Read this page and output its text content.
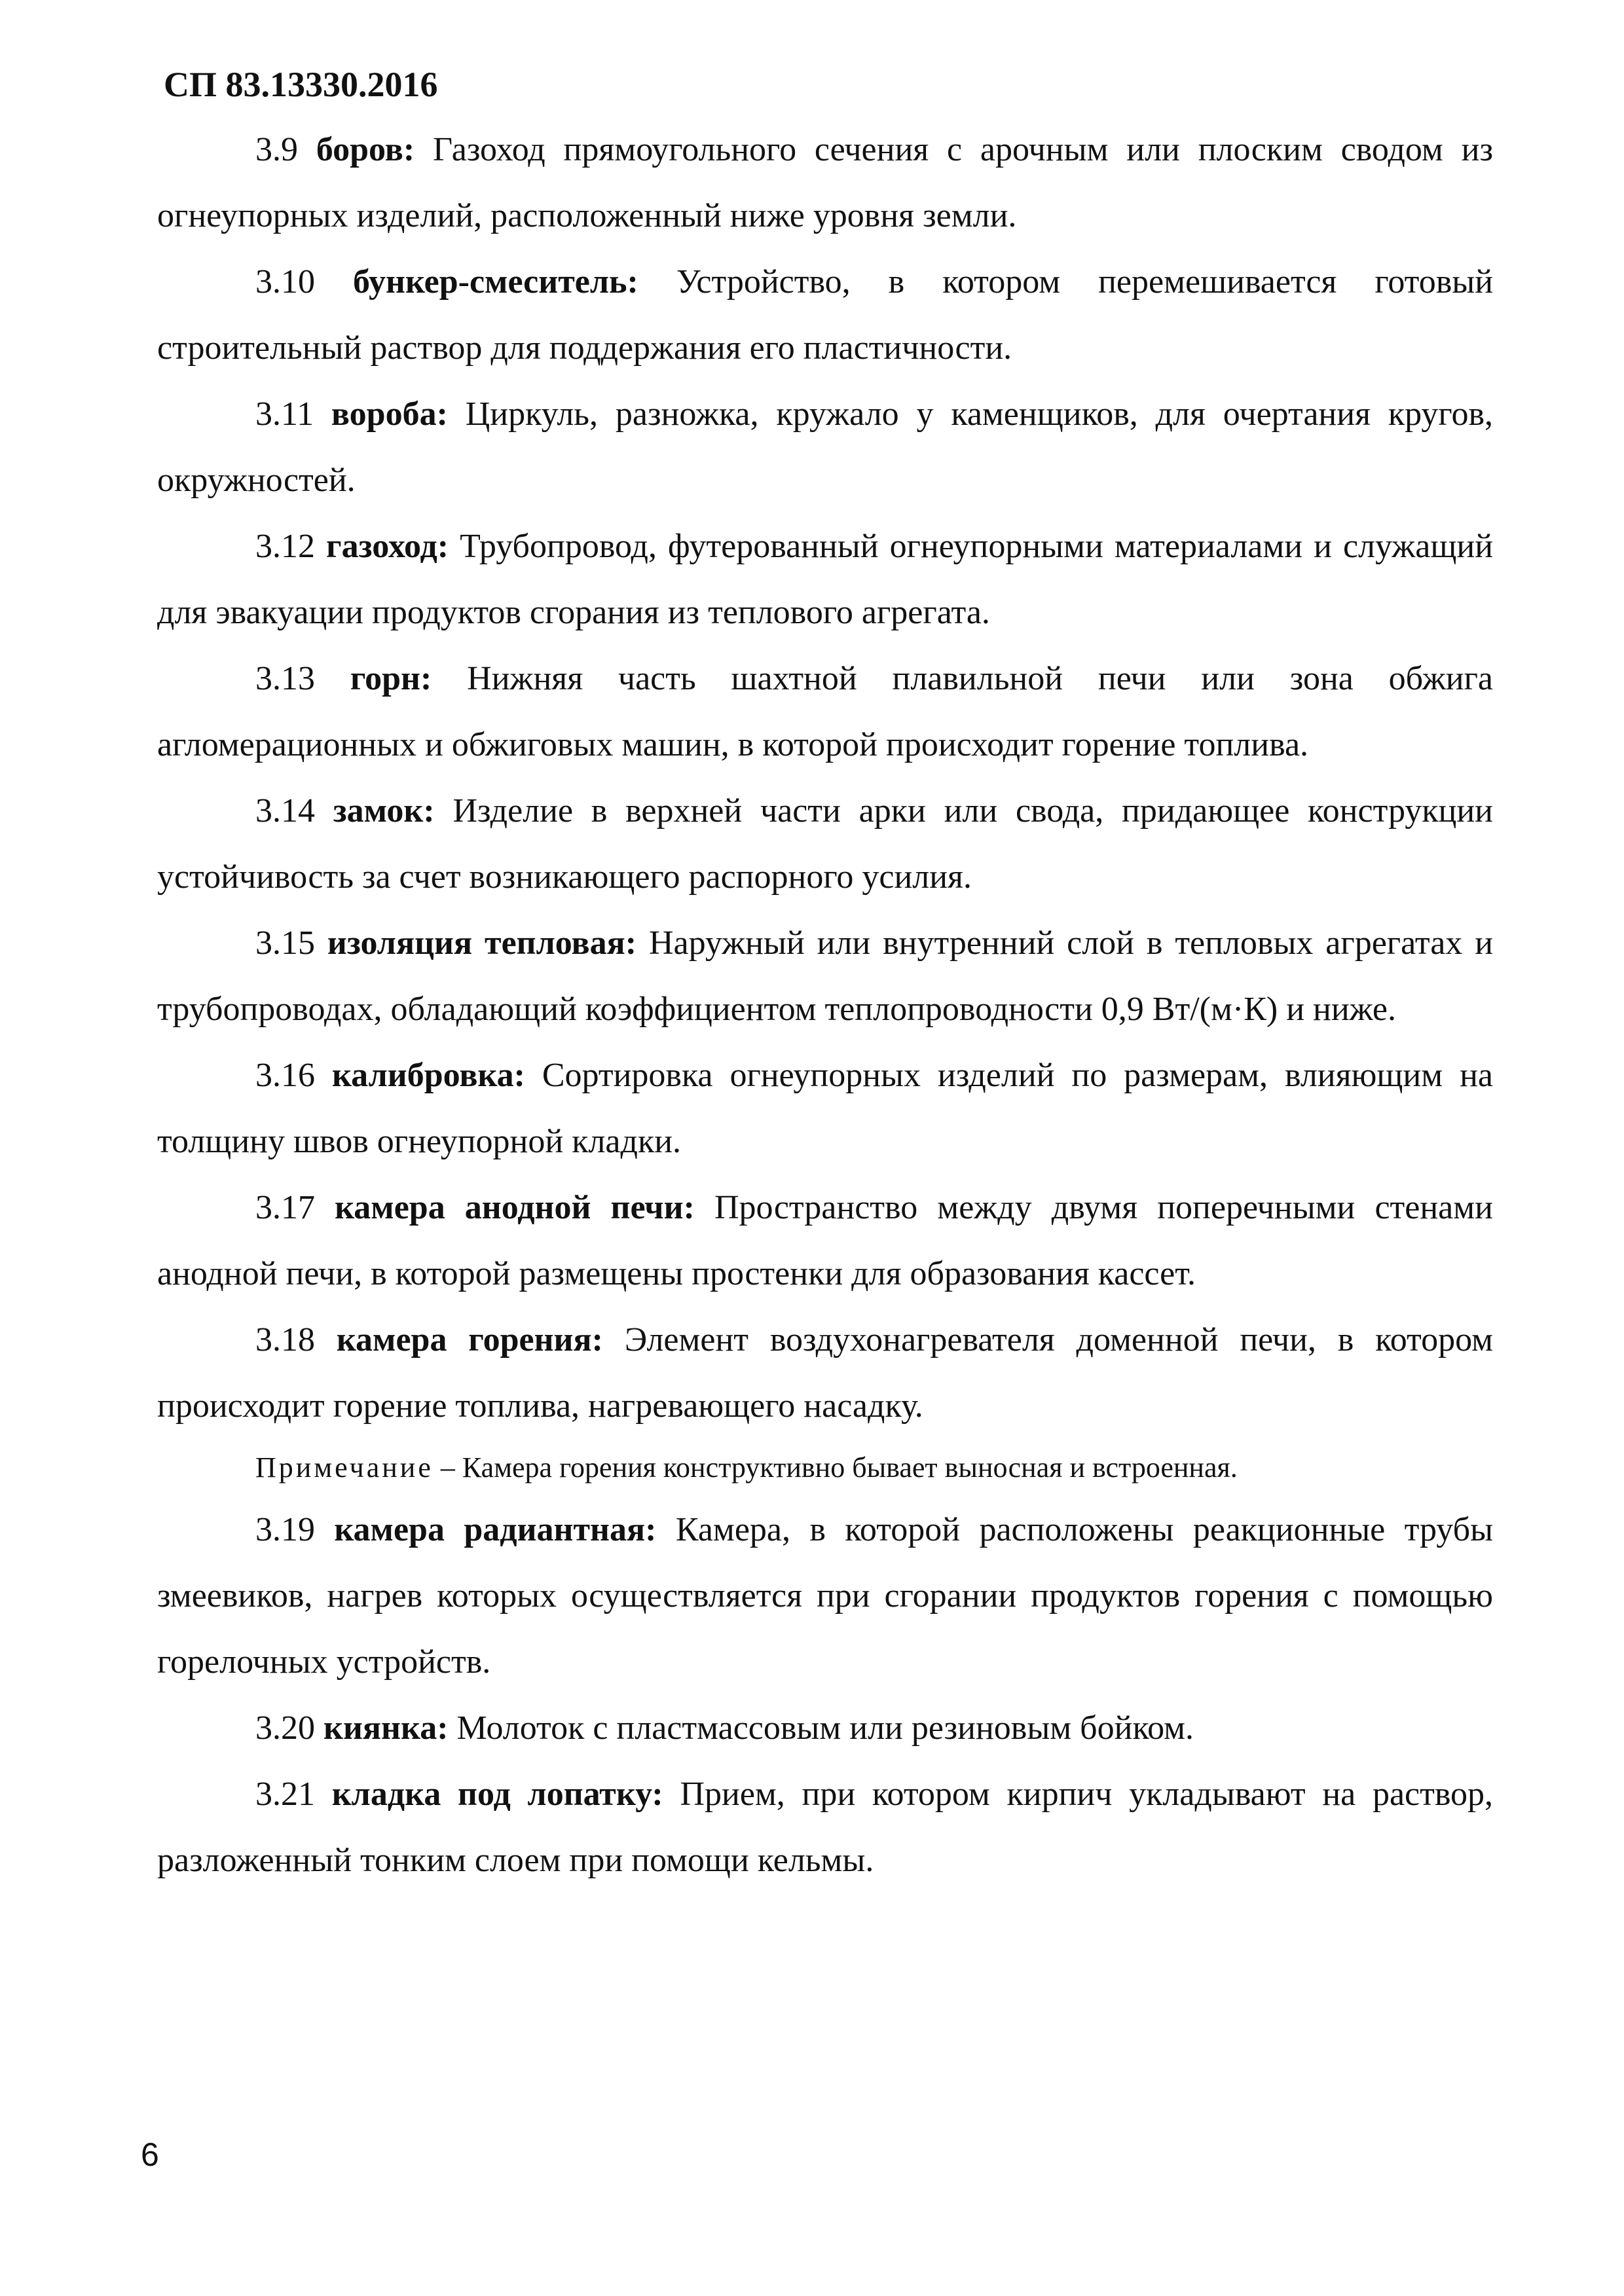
СП 83.13330.2016

3.9 боров: Газоход прямоугольного сечения с арочным или плоским сводом из огнеупорных изделий, расположенный ниже уровня земли.

3.10 бункер-смеситель: Устройство, в котором перемешивается готовый строительный раствор для поддержания его пластичности.

3.11 вороба: Циркуль, разножка, кружало у каменщиков, для очертания кругов, окружностей.

3.12 газоход: Трубопровод, футерованный огнеупорными материалами и служащий для эвакуации продуктов сгорания из теплового агрегата.

3.13 горн: Нижняя часть шахтной плавильной печи или зона обжига агломерационных и обжиговых машин, в которой происходит горение топлива.

3.14 замок: Изделие в верхней части арки или свода, придающее конструкции устойчивость за счет возникающего распорного усилия.

3.15 изоляция тепловая: Наружный или внутренний слой в тепловых агрегатах и трубопроводах, обладающий коэффициентом теплопроводности 0,9 Вт/(м·К) и ниже.

3.16 калибровка: Сортировка огнеупорных изделий по размерам, влияющим на толщину швов огнеупорной кладки.

3.17 камера анодной печи: Пространство между двумя поперечными стенами анодной печи, в которой размещены простенки для образования кассет.

3.18 камера горения: Элемент воздухонагревателя доменной печи, в котором происходит горение топлива, нагревающего насадку.

Примечание – Камера горения конструктивно бывает выносная и встроенная.

3.19 камера радиантная: Камера, в которой расположены реакционные трубы змеевиков, нагрев которых осуществляется при сгорании продуктов горения с помощью горелочных устройств.

3.20 киянка: Молоток с пластмассовым или резиновым бойком.

3.21 кладка под лопатку: Прием, при котором кирпич укладывают на раствор, разложенный тонким слоем при помощи кельмы.

6
